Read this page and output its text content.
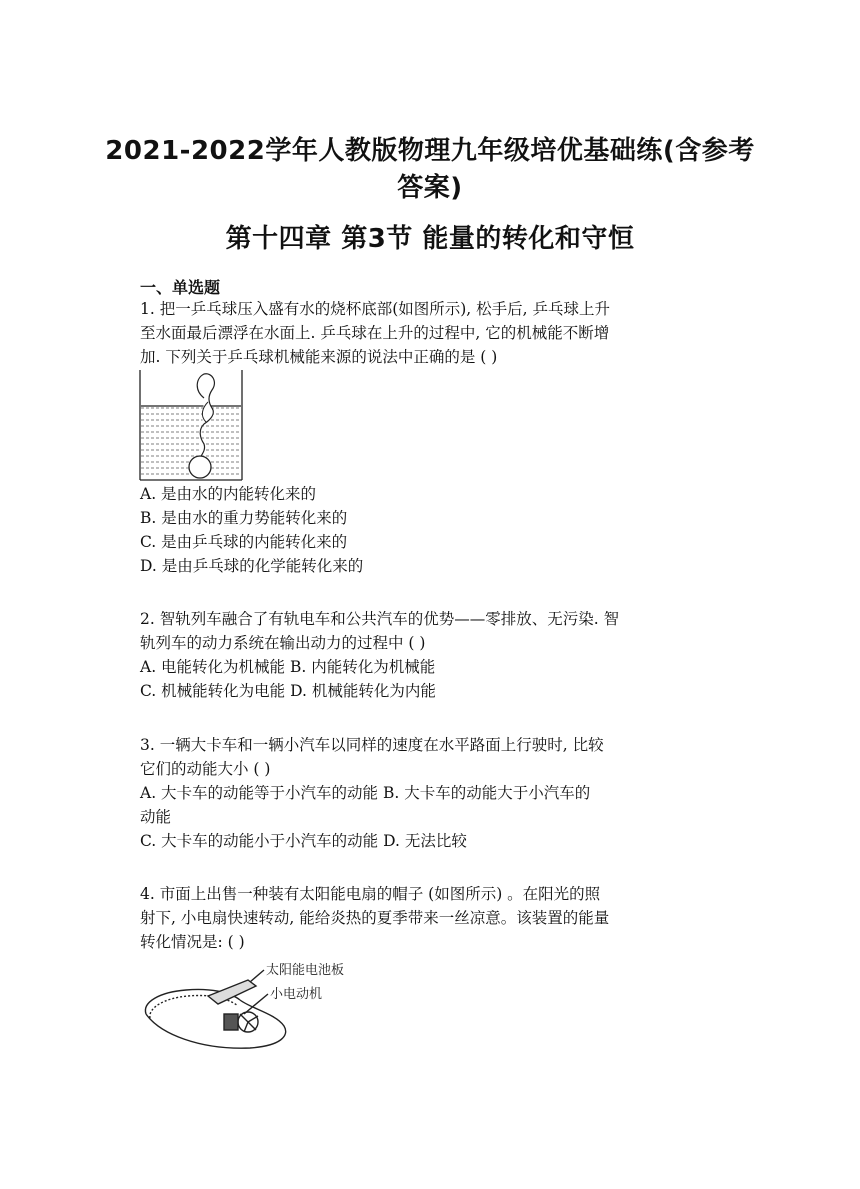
2021-2022学年人教版物理九年级培优基础练(含参考
答案)
第十四章 第3节 能量的转化和守恒
一、单选题
1. 把一乒乓球压入盛有水的烧杯底部(如图所示), 松手后, 乒乓球上升
至水面最后漂浮在水面上. 乒乓球在上升的过程中, 它的机械能不断增
加. 下列关于乒乓球机械能来源的说法中正确的是 ( )
A. 是由水的内能转化来的
B. 是由水的重力势能转化来的
C. 是由乒乓球的内能转化来的
D. 是由乒乓球的化学能转化来的
2. 智轨列车融合了有轨电车和公共汽车的优势——零排放、无污染. 智
轨列车的动力系统在输出动力的过程中 ( )
A. 电能转化为机械能 B. 内能转化为机械能
C. 机械能转化为电能 D. 机械能转化为内能
3. 一辆大卡车和一辆小汽车以同样的速度在水平路面上行驶时, 比较
它们的动能大小 ( )
A. 大卡车的动能等于小汽车的动能 B. 大卡车的动能大于小汽车的
动能
C. 大卡车的动能小于小汽车的动能 D. 无法比较
4. 市面上出售一种装有太阳能电扇的帽子 (如图所示) 。在阳光的照
射下, 小电扇快速转动, 能给炎热的夏季带来一丝凉意。该装置的能量
转化情况是: ( )
太阳能电池板
小电动机
